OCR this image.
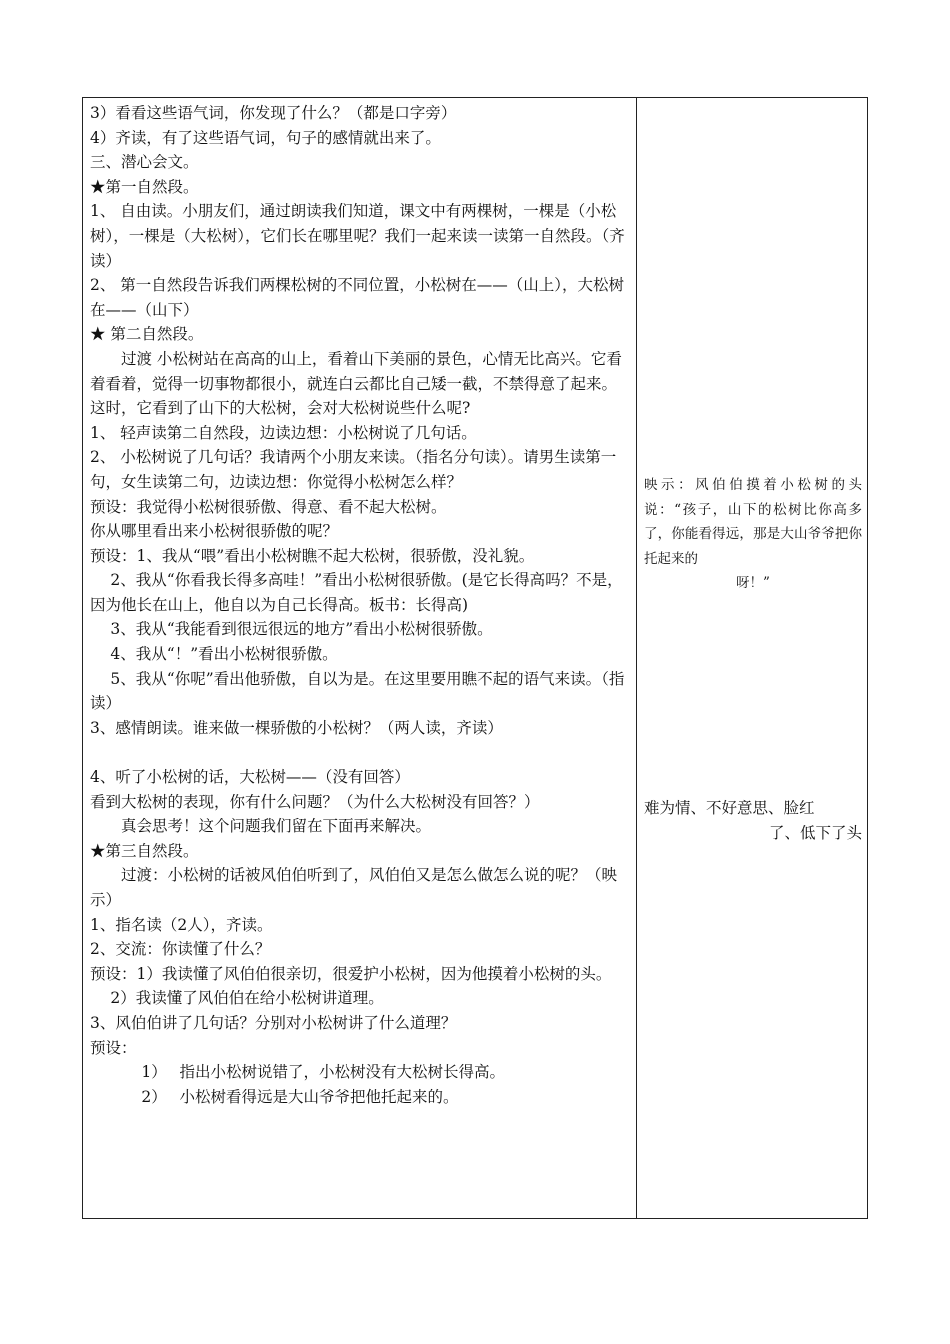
3）看看这些语气词，你发现了什么？（都是口字旁）

4）齐读，有了这些语气词，句子的感情就出来了。

三、潜心会文。

★第一自然段。

1、 自由读。小朋友们，通过朗读我们知道，课文中有两棵树，一棵是（小松树），一棵是（大松树），它们长在哪里呢？我们一起来读一读第一自然段。（齐读）

2、 第一自然段告诉我们两棵松树的不同位置，小松树在——（山上），大松树在——（山下）

★ 第二自然段。

　　过渡 小松树站在高高的山上，看着山下美丽的景色，心情无比高兴。它看着看着，觉得一切事物都很小，就连白云都比自己矮一截，不禁得意了起来。这时，它看到了山下的大松树，会对大松树说些什么呢?

1、 轻声读第二自然段，边读边想：小松树说了几句话。

2、 小松树说了几句话？我请两个小朋友来读。（指名分句读）。请男生读第一句，女生读第二句，边读边想：你觉得小松树怎么样？

预设：我觉得小松树很骄傲、得意、看不起大松树。

你从哪里看出来小松树很骄傲的呢？

预设：1、我从“喂”看出小松树瞧不起大松树，很骄傲，没礼貌。

　 2、我从“你看我长得多高哇！”看出小松树很骄傲。(是它长得高吗？不是，因为他长在山上，他自以为自己长得高。板书：长得高)

　 3、我从“我能看到很远很远的地方”看出小松树很骄傲。

　 4、我从“！”看出小松树很骄傲。

　 5、我从“你呢”看出他骄傲，自以为是。在这里要用瞧不起的语气来读。（指读）

3、感情朗读。谁来做一棵骄傲的小松树？（两人读，齐读）

4、听了小松树的话，大松树——（没有回答）

看到大松树的表现，你有什么问题？（为什么大松树没有回答？）

　　真会思考！这个问题我们留在下面再来解决。

★第三自然段。

　　过渡：小松树的话被风伯伯听到了，风伯伯又是怎么做怎么说的呢？（映示）

1、指名读（2人），齐读。

2、交流：你读懂了什么？

预设：1）我读懂了风伯伯很亲切，很爱护小松树，因为他摸着小松树的头。

　 2）我读懂了风伯伯在给小松树讲道理。

3、风伯伯讲了几句话？分别对小松树讲了什么道理？

预设：

　　　 1）　 指出小松树说错了，小松树没有大松树长得高。

　　　 2）　 小松树看得远是大山爷爷把他托起来的。

映示：风伯伯摸着小松树的头说：“孩子，山下的松树比你高多了，你能看得远，那是大山爷爷把你托起来的
呀！”
难为情、不好意思、脸红
了、低下了头
